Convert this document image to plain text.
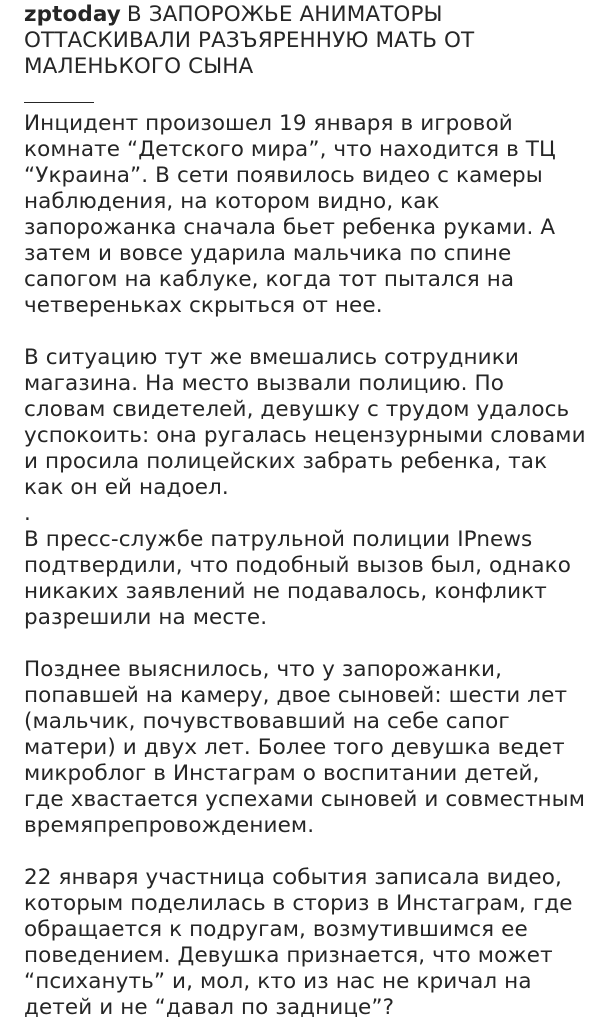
zptoday В ЗАПОРОЖЬЕ АНИМАТОРЫ ОТТАСКИВАЛИ РАЗЪЯРЕННУЮ МАТЬ ОТ МАЛЕНЬКОГО СЫНА

Инцидент произошел 19 января в игровой комнате “Детского мира”, что находится в ТЦ “Украина”. В сети появилось видео с камеры наблюдения, на котором видно, как запорожанка сначала бьет ребенка руками. А затем и вовсе ударила мальчика по спине сапогом на каблуке, когда тот пытался на четвереньках скрыться от нее.

В ситуацию тут же вмешались сотрудники магазина. На место вызвали полицию. По словам свидетелей, девушку с трудом удалось успокоить: она ругалась нецензурными словами и просила полицейских забрать ребенка, так как он ей надоел.

.

В пресс-службе патрульной полиции IPnews подтвердили, что подобный вызов был, однако никаких заявлений не подавалось, конфликт разрешили на месте.

Позднее выяснилось, что у запорожанки, попавшей на камеру, двое сыновей: шести лет (мальчик, почувствовавший на себе сапог матери) и двух лет. Более того девушка ведет микроблог в Инстаграм о воспитании детей, где хвастается успехами сыновей и совместным времяпрепровождением.

22 января участница события записала видео, которым поделилась в сториз в Инстаграм, где обращается к подругам, возмутившимся ее поведением. Девушка признается, что может “психануть” и, мол, кто из нас не кричал на детей и не “давал по заднице”?
